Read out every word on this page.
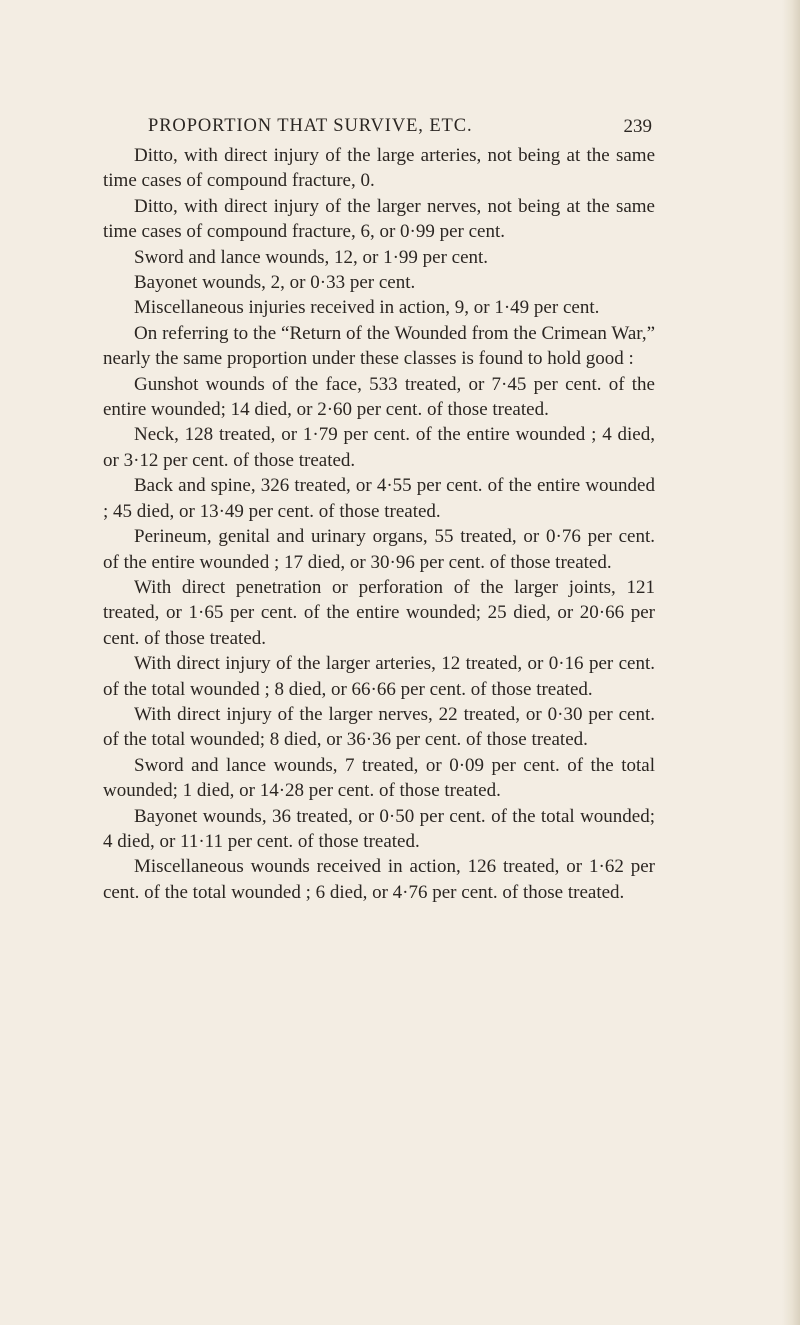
PROPORTION THAT SURVIVE, ETC.	239

Ditto, with direct injury of the large arteries, not being at the same time cases of compound fracture, 0.

Ditto, with direct injury of the larger nerves, not being at the same time cases of compound fracture, 6, or 0·99 per cent.

Sword and lance wounds, 12, or 1·99 per cent.

Bayonet wounds, 2, or 0·33 per cent.

Miscellaneous injuries received in action, 9, or 1·49 per cent.

On referring to the “Return of the Wounded from the Crimean War,” nearly the same proportion under these classes is found to hold good :

Gunshot wounds of the face, 533 treated, or 7·45 per cent. of the entire wounded; 14 died, or 2·60 per cent. of those treated.

Neck, 128 treated, or 1·79 per cent. of the entire wounded ; 4 died, or 3·12 per cent. of those treated.

Back and spine, 326 treated, or 4·55 per cent. of the entire wounded ; 45 died, or 13·49 per cent. of those treated.

Perineum, genital and urinary organs, 55 treated, or 0·76 per cent. of the entire wounded ; 17 died, or 30·96 per cent. of those treated.

With direct penetration or perforation of the larger joints, 121 treated, or 1·65 per cent. of the entire wounded; 25 died, or 20·66 per cent. of those treated.

With direct injury of the larger arteries, 12 treated, or 0·16 per cent. of the total wounded ; 8 died, or 66·66 per cent. of those treated.

With direct injury of the larger nerves, 22 treated, or 0·30 per cent. of the total wounded; 8 died, or 36·36 per cent. of those treated.

Sword and lance wounds, 7 treated, or 0·09 per cent. of the total wounded; 1 died, or 14·28 per cent. of those treated.

Bayonet wounds, 36 treated, or 0·50 per cent. of the total wounded; 4 died, or 11·11 per cent. of those treated.

Miscellaneous wounds received in action, 126 treated, or 1·62 per cent. of the total wounded ; 6 died, or 4·76 per cent. of those treated.
